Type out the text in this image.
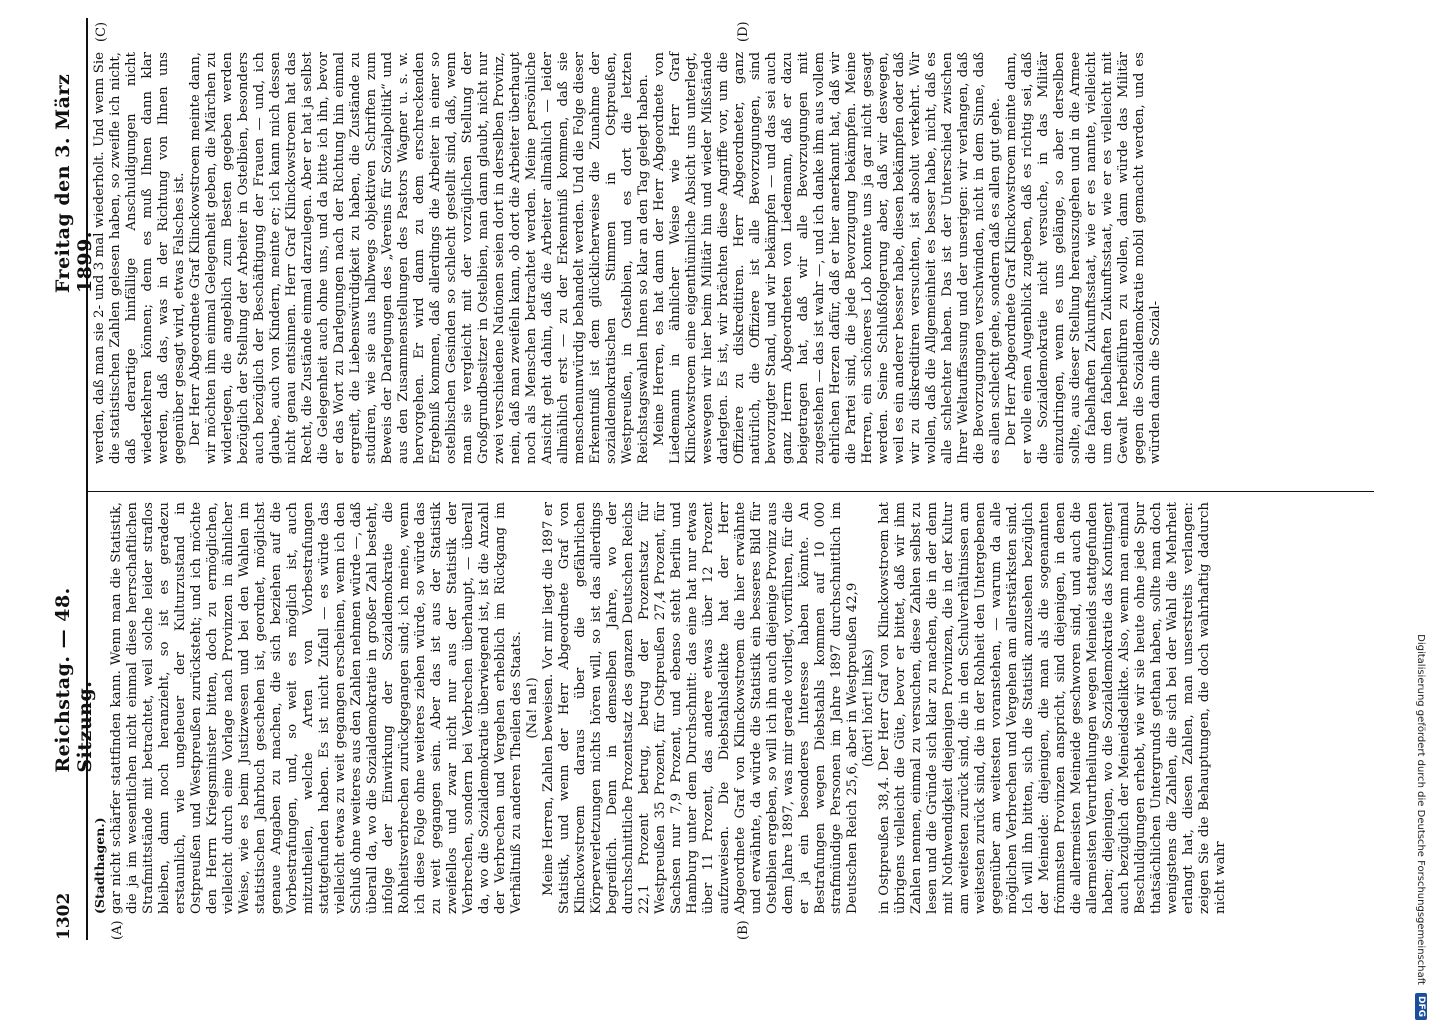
1302
Reichstag. — 48. Sitzung.
Freitag den 3. März 1899.
(A)	(B)
(C)	(D)

(Stadthagen.) gar nicht schärfer stattfinden kann. Wenn man die Statistik, die ja im wesentlichen nicht einmal diese herrschaftlichen Strafmittstände mit betrachtet, weil solche leider straflos bleiben, dann noch heranzieht, so ist es geradezu erstaunlich, wie ungeheuer der Kulturzustand in Ostpreußen und Westpreußen zurücksteht; und ich möchte den Herrn Kriegsminister bitten, doch zu ermöglichen, vielleicht durch eine Vorlage nach Provinzen in ähnlicher Weise, wie es beim Justizwesen und bei den Wahlen im statistischen Jahrbuch geschehen ist, geordnet, möglichst genaue Angaben zu machen, die sich beziehen auf die Vorbestrafungen, und, so weit es möglich ist, auch mitzutheilen, welche Arten von Vorbestrafungen stattgefunden haben. Es ist nicht Zufall — es würde das vielleicht etwas zu weit gegangen erscheinen, wenn ich den Schluß ohne weiteres aus den Zahlen nehmen würde —, daß überall da, wo die Sozialdemokratie in großer Zahl besteht, infolge der Einwirkung der Sozialdemokratie die Rohheitsverbrechen zurückgegangen sind; ich meine, wenn ich diese Folge ohne weiteres ziehen würde, so würde das zu weit gegangen sein. Aber das ist aus der Statistik zweifellos und zwar nicht nur aus der Statistik der Verbrechen, sondern bei Verbrechen überhaupt, — überall da, wo die Sozialdemokratie überwiegend ist, ist die Anzahl der Verbrechen und Vergehen erheblich im Rückgang im Verhältniß zu anderen Theilen des Staats. (Na! na!) Meine Herren, Zahlen beweisen. Vor mir liegt die 1897 er Statistik, und wenn der Herr Abgeordnete Graf von Klinckowstroem daraus über die gefährlichen Körperverletzungen nichts hören will, so ist das allerdings begreiflich. Denn in demselben Jahre, wo der durchschnittliche Prozentsatz des ganzen Deutschen Reichs 22,1 Prozent betrug, betrug der Prozentsatz für Westpreußen 35 Prozent, für Ostpreußen 27,4 Prozent, für Sachsen nur 7,9 Prozent, und ebenso steht Berlin und Hamburg unter dem Durchschnitt: das eine hat nur etwas über 11 Prozent, das andere etwas über 12 Prozent aufzuweisen. Die Diebstahlsdelikte hat der Herr Abgeordnete Graf von Klinckowstroem die hier erwähnte und erwähnte, da würde die Statistik ein besseres Bild für Ostelbien ergeben, so will ich ihn auch diejenige Provinz aus dem Jahre 1897, was mir gerade vorliegt, vorführen, für die er ja ein besonderes Interesse haben könnte. An Bestrafungen wegen Diebstahls kommen auf 10 000 strafmündige Personen im Jahre 1897 durchschnittlich im Deutschen Reich 25,6, aber in Westpreußen 42,9 (hört! hört! links) in Ostpreußen 38,4. Der Herr Graf von Klinckowstroem hat übrigens vielleicht die Güte, bevor er bittet, daß wir ihm Zahlen nennen, einmal zu versuchen, diese Zahlen selbst zu lesen und die Gründe sich klar zu machen, die in der denn mit Nothwendigkeit diejenigen Provinzen, die in der Kultur am weitesten zurück sind, die in den Schulverhältnissen am weitesten zurück sind, die in der Rohheit den Untergebenen gegenüber am weitesten voranstehen, — warum da alle möglichen Verbrechen und Vergehen am allerstärksten sind. Ich will ihn bitten, sich die Statistik anzusehen bezüglich der Meineide: diejenigen, die man als die sogenannten frömmsten Provinzen anspricht, sind diejenigen, in denen die allermeisten Meineide geschworen sind, und auch die allermeisten Verurtheilungen wegen Meineids stattgefunden haben; diejenigen, wo die Sozialdemokratie das Kontingent auch bezüglich der Meineidsdelikte. Also, wenn man einmal Beschuldigungen erhebt, wie wir sie heute ohne jede Spur thatsächlichen Untergrunds gethan haben, sollte man doch wenigstens die Zahlen, die sich bei der Wahl die Mehrheit erlangt hat, diesen Zahlen, man unserstreits verlangen: zeigen Sie die Behauptungen, die doch wahrhaftig dadurch nicht wahr

werden, daß man sie 2- und 3 mal wiederholt. Und wenn Sie die statistischen Zahlen gelesen haben, so zweifle ich nicht, daß derartige hinfällige Anschuldigungen nicht wiederkehren können; denn es muß Ihnen dann klar werden, daß das, was in der Richtung von Ihnen uns gegenüber gesagt wird, etwas Falsches ist. Der Herr Abgeordnete Graf Klinckowstroem meinte dann, wir möchten ihm einmal Gelegenheit geben, die Märchen zu widerlegen, die angeblich zum Besten gegeben werden bezüglich der Stellung der Arbeiter in Ostelbien, besonders auch bezüglich der Beschäftigung der Frauen — und, ich glaube, auch von Kindern, meinte er; ich kann mich dessen nicht genau entsinnen. Herr Graf Klinckowstroem hat das Recht, die Zustände einmal darzulegen. Aber er hat ja selbst die Gelegenheit auch ohne uns, und da bitte ich ihn, bevor er das Wort zu Darlegungen nach der Richtung hin einmal ergreift, die Liebenswürdigkeit zu haben, die Zustände zu studiren, wie sie aus halbwegs objektiven Schriften zum Beweis der Darlegungen des „Vereins für Sozialpolitik“ und aus den Zusammenstellungen des Pastors Wagner u. s. w. hervorgehen. Er wird dann zu dem erschreckenden Ergebniß kommen, daß allerdings die Arbeiter in einer so ostelbischen Gesinden so schlecht gestellt sind, daß, wenn man sie vergleicht mit der vorzüglichen Stellung der Großgrundbesitzer in Ostelbien, man dann glaubt, nicht nur zwei verschiedene Nationen seien dort in derselben Provinz, nein, daß man zweifeln kann, ob dort die Arbeiter überhaupt noch als Menschen betrachtet werden. Meine persönliche Ansicht geht dahin, daß die Arbeiter allmählich — leider allmählich erst — zu der Erkenntniß kommen, daß sie menschenunwürdig behandelt werden. Und die Folge dieser Erkenntniß ist dem glücklicherweise die Zunahme der sozialdemokratischen Stimmen in Ostpreußen, Westpreußen, in Ostelbien, und es dort die letzten Reichstagswahlen Ihnen so klar an den Tag gelegt haben. Meine Herren, es hat dann der Herr Abgeordnete von Liedemann in ähnlicher Weise wie Herr Graf Klinckowstroem eine eigenthümliche Absicht uns unterlegt, weswegen wir hier beim Militär hin und wieder Mißstände darlegten. Es ist, wir brächten diese Angriffe vor, um die Offiziere zu diskreditiren. Herr Abgeordneter, ganz natürlich, die Offiziere ist alle Bevorzugungen, sind bevorzugter Stand, und wir bekämpfen — und das sei auch ganz Herrn Abgeordneten von Liedemann, daß er dazu beigetragen hat, daß wir alle Bevorzugungen mit zugestehen — das ist wahr —, und ich danke ihm aus vollem ehrlichen Herzen dafür, daß er hier anerkannt hat, daß wir die Partei sind, die jede Bevorzugung bekämpfen. Meine Herren, ein schöneres Lob konnte uns ja gar nicht gesagt werden. Seine Schlußfolgerung aber, daß wir deswegen, weil es ein anderer besser habe, diesen bekämpfen oder daß wir zu diskreditiren versuchten, ist absolut verkehrt. Wir wollen, daß die Allgemeinheit es besser habe, nicht, daß es alle schlechter haben. Das ist der Unterschied zwischen Ihrer Weltauffassung und der unserigen: wir verlangen, daß die Bevorzugungen verschwinden, nicht in dem Sinne, daß es allen schlecht gehe, sondern daß es allen gut gehe. Der Herr Abgeordnete Graf Klinckowstroem meinte dann, er wolle einen Augenblick zugeben, daß es richtig sei, daß die Sozialdemokratie nicht versuche, in das Militär einzudringen, wenn es uns gelänge, so aber derselben sollte, aus dieser Stellung herauszugehen und in die Armee die fabelhaften Zukunftsstaat, wie er es nannte, vielleicht um den fabelhaften Zukunftsstaat, wie er es vielleicht mit Gewalt herbeiführen zu wollen, dann würde das Militär gegen die Sozialdemokratie mobil gemacht werden, und es würden dann die Sozial-

Digitalisierung gefördert durch die Deutsche Forschungsgemeinschaft
DFG
